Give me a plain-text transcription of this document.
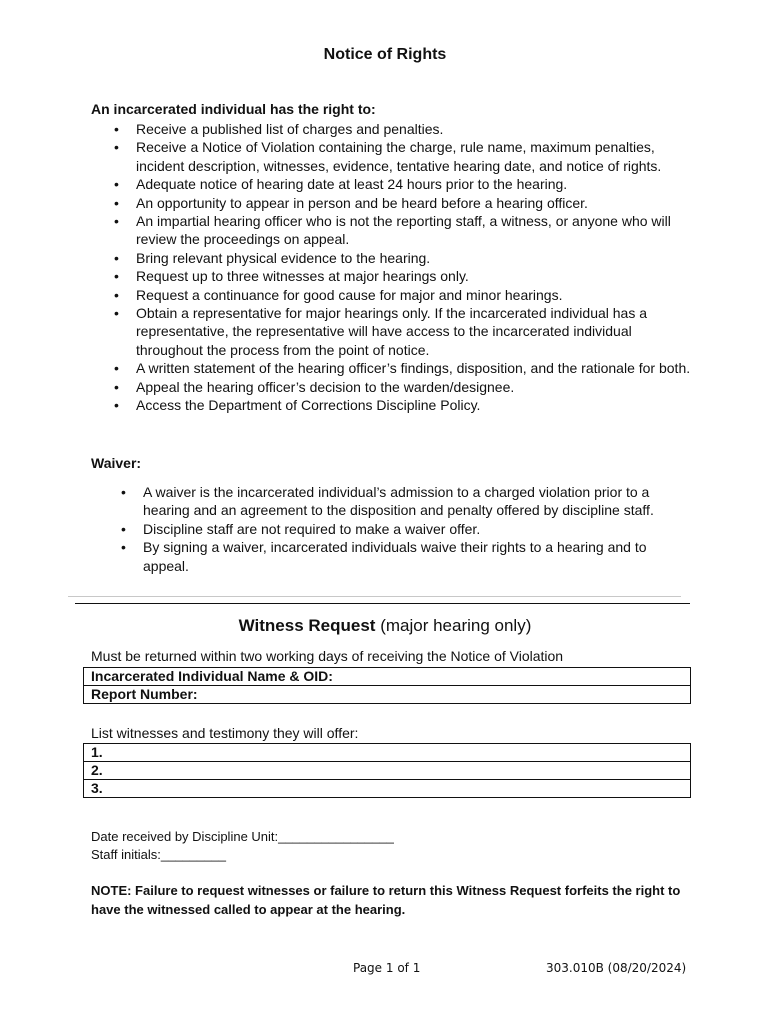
Notice of Rights
An incarcerated individual has the right to:
• Receive a published list of charges and penalties.
• Receive a Notice of Violation containing the charge, rule name, maximum penalties, incident description, witnesses, evidence, tentative hearing date, and notice of rights.
• Adequate notice of hearing date at least 24 hours prior to the hearing.
• An opportunity to appear in person and be heard before a hearing officer.
• An impartial hearing officer who is not the reporting staff, a witness, or anyone who will review the proceedings on appeal.
• Bring relevant physical evidence to the hearing.
• Request up to three witnesses at major hearings only.
• Request a continuance for good cause for major and minor hearings.
• Obtain a representative for major hearings only. If the incarcerated individual has a representative, the representative will have access to the incarcerated individual throughout the process from the point of notice.
• A written statement of the hearing officer’s findings, disposition, and the rationale for both.
• Appeal the hearing officer’s decision to the warden/designee.
• Access the Department of Corrections Discipline Policy.
Waiver:
• A waiver is the incarcerated individual’s admission to a charged violation prior to a hearing and an agreement to the disposition and penalty offered by discipline staff.
• Discipline staff are not required to make a waiver offer.
• By signing a waiver, incarcerated individuals waive their rights to a hearing and to appeal.
Witness Request (major hearing only)
Must be returned within two working days of receiving the Notice of Violation
Incarcerated Individual Name & OID:
Report Number:
List witnesses and testimony they will offer:
1.
2.
3.
Date received by Discipline Unit:________________
Staff initials:_________
NOTE: Failure to request witnesses or failure to return this Witness Request forfeits the right to have the witnessed called to appear at the hearing.
Page 1 of 1	303.010B (08/20/2024)
